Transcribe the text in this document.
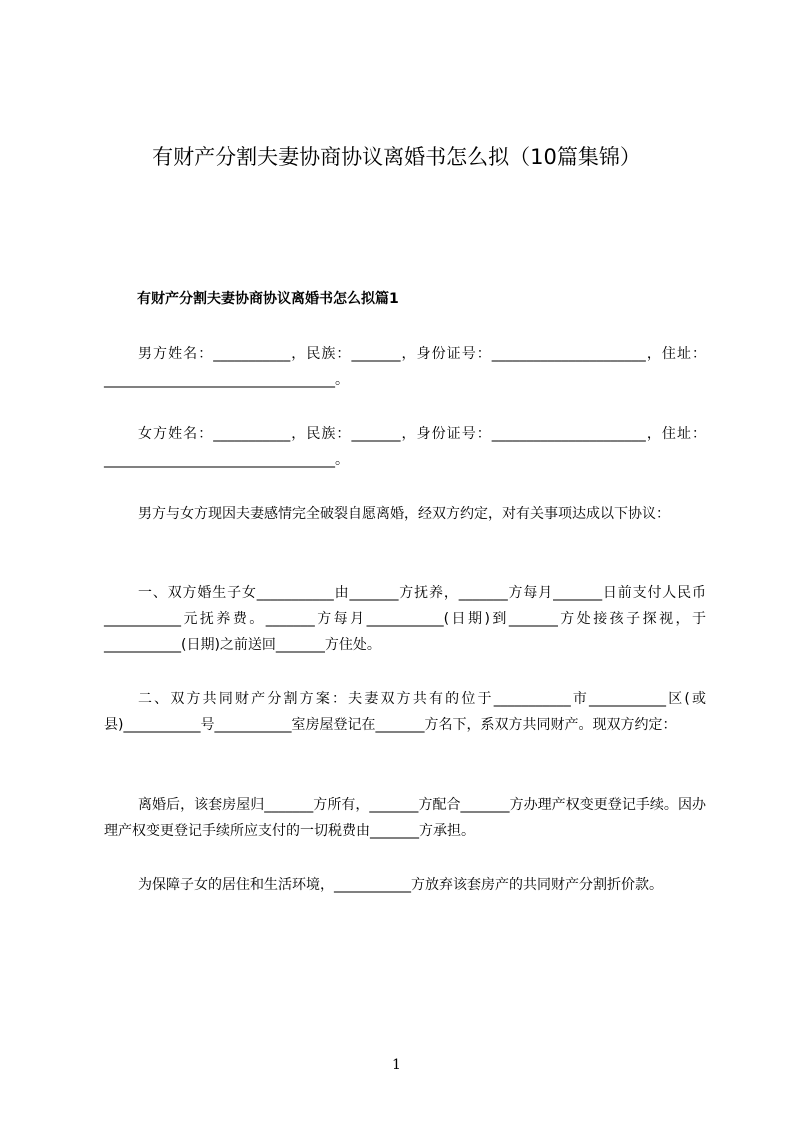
有财产分割夫妻协商协议离婚书怎么拟（10篇集锦）
有财产分割夫妻协商协议离婚书怎么拟篇1

男方姓名：___________，民族：_______，身份证号：______________________，住址：_________________________________。

女方姓名：___________，民族：_______，身份证号：______________________，住址：_________________________________。

男方与女方现因夫妻感情完全破裂自愿离婚，经双方约定，对有关事项达成以下协议：

一、双方婚生子女___________由_______方抚养，_______方每月_______日前支付人民币___________元抚养费。_______方每月___________(日期)到_______方处接孩子探视，于___________(日期)之前送回_______方住处。

二、双方共同财产分割方案：夫妻双方共有的位于___________市___________区(或县)___________号___________室房屋登记在_______方名下，系双方共同财产。现双方约定：

离婚后，该套房屋归_______方所有，_______方配合_______方办理产权变更登记手续。因办理产权变更登记手续所应支付的一切税费由_______方承担。

为保障子女的居住和生活环境，___________方放弃该套房产的共同财产分割折价款。

1
